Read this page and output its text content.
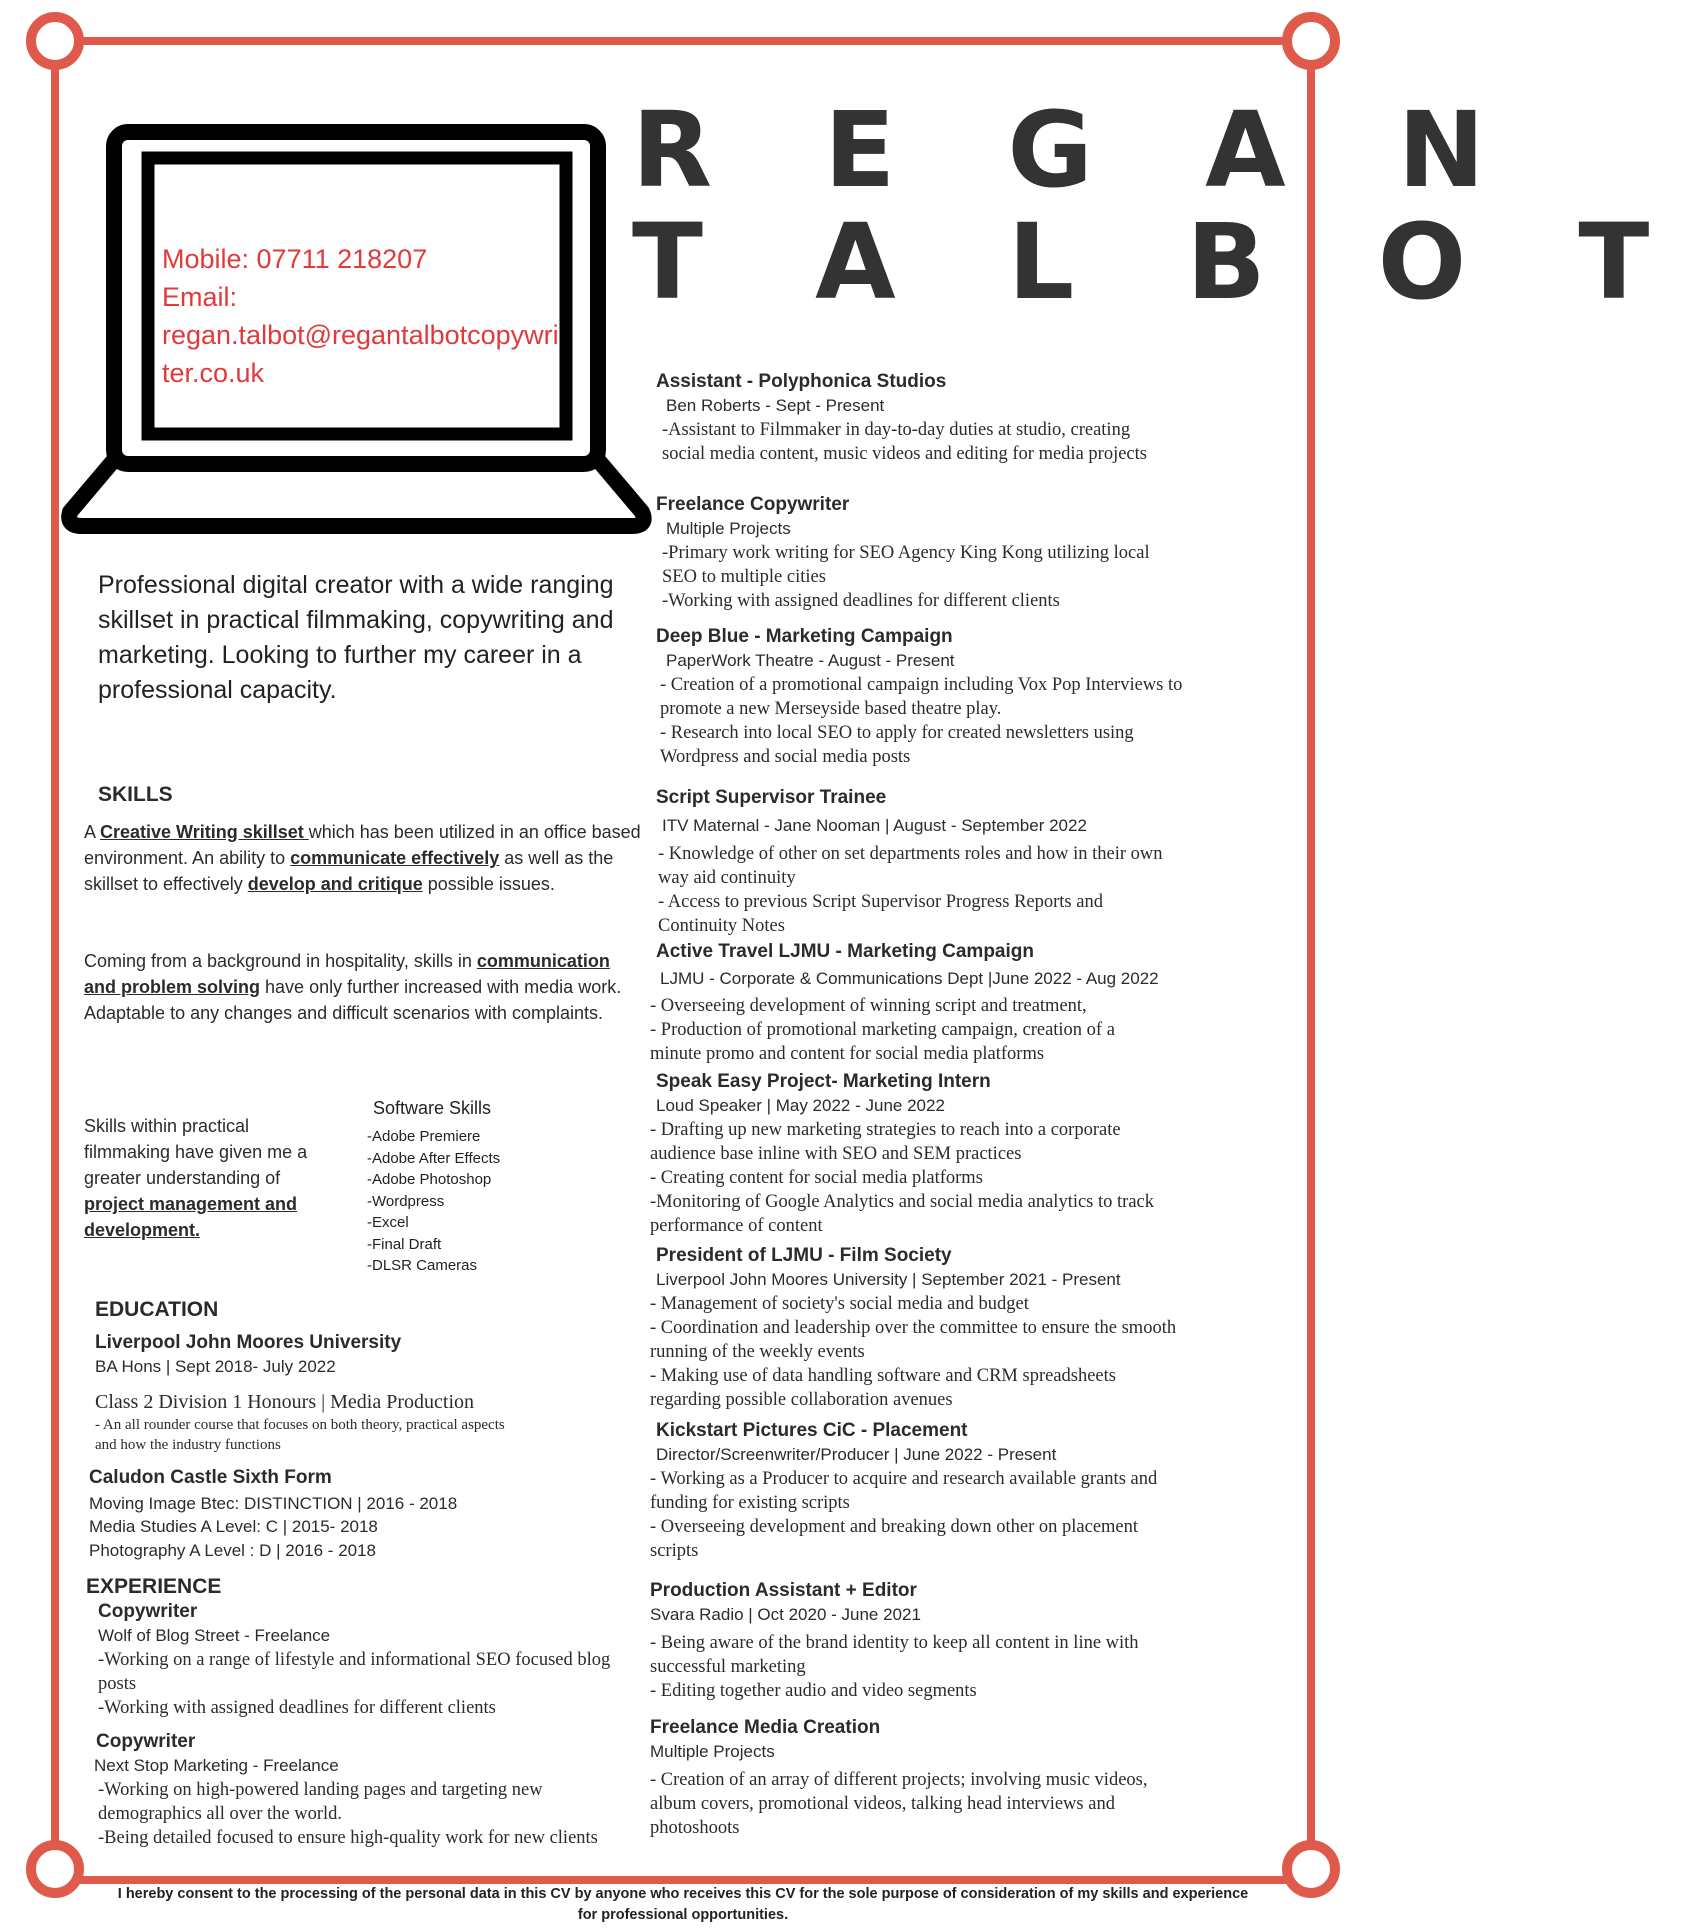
Mobile: 07711 218207
Email:
regan.talbot@regantalbotcopywriter.co.uk
R E G A N
T A L B O T
Professional digital creator with a wide ranging skillset in practical filmmaking, copywriting and marketing. Looking to further my career in a professional capacity.
SKILLS
A Creative Writing skillset which has been utilized in an office based environment. An ability to communicate effectively as well as the skillset to effectively develop and critique possible issues.
Coming from a background in hospitality, skills in communication and problem solving have only further increased with media work. Adaptable to any changes and difficult scenarios with complaints.
Skills within practical filmmaking have given me a greater understanding of project management and development.
Software Skills
-Adobe Premiere
-Adobe After Effects
-Adobe Photoshop
-Wordpress
-Excel
-Final Draft
-DLSR Cameras
EDUCATION
Liverpool John Moores University
BA Hons | Sept 2018- July 2022
Class 2 Division 1 Honours | Media Production
- An all rounder course that focuses on both theory, practical aspects
and how the industry functions
Caludon Castle Sixth Form
Moving Image Btec: DISTINCTION | 2016 - 2018
Media Studies A Level: C | 2015- 2018
Photography A Level : D | 2016 - 2018
EXPERIENCE
Copywriter
Wolf of Blog Street - Freelance
-Working on a range of lifestyle and informational SEO focused blog posts
-Working with assigned deadlines for different clients
Copywriter
Next Stop Marketing - Freelance
-Working on high-powered landing pages and targeting new demographics all over the world.
-Being detailed focused to ensure high-quality work for new clients
Assistant - Polyphonica Studios
Ben Roberts - Sept - Present
-Assistant to Filmmaker in day-to-day duties at studio, creating social media content, music videos and editing for media projects
Freelance Copywriter
Multiple Projects
-Primary work writing for SEO Agency King Kong utilizing local SEO to multiple cities
-Working with assigned deadlines for different clients
Deep Blue - Marketing Campaign
PaperWork Theatre - August - Present
- Creation of a promotional campaign including Vox Pop Interviews to promote a new Merseyside based theatre play.
- Research into local SEO to apply for created newsletters using Wordpress and social media posts
Script Supervisor Trainee
ITV Maternal - Jane Nooman | August - September 2022
- Knowledge of other on set departments roles and how in their own way aid continuity
- Access to previous Script Supervisor Progress Reports and Continuity Notes
Active Travel LJMU - Marketing Campaign
LJMU - Corporate & Communications Dept |June 2022 - Aug 2022
- Overseeing development of winning script and treatment,
- Production of promotional marketing campaign, creation of a minute promo and content for social media platforms
Speak Easy Project- Marketing Intern
Loud Speaker | May 2022 - June 2022
- Drafting up new marketing strategies to reach into a corporate audience base inline with SEO and SEM practices
- Creating content for social media platforms
-Monitoring of Google Analytics and social media analytics to track performance of content
President of LJMU - Film Society
Liverpool John Moores University | September 2021 - Present
- Management of society's social media and budget
- Coordination and leadership over the committee to ensure the smooth running of the weekly events
- Making use of data handling software and CRM spreadsheets regarding possible collaboration avenues
Kickstart Pictures CiC - Placement
Director/Screenwriter/Producer | June 2022 - Present
- Working as a Producer to acquire and research available grants and funding for existing scripts
- Overseeing development and breaking down other on placement scripts
Production Assistant + Editor
Svara Radio | Oct 2020 - June 2021
- Being aware of the brand identity to keep all content in line with successful marketing
- Editing together audio and video segments
Freelance Media Creation
Multiple Projects
- Creation of an array of different projects; involving music videos, album covers, promotional videos, talking head interviews and photoshoots
I hereby consent to the processing of the personal data in this CV by anyone who receives this CV for the sole purpose of consideration of my skills and experience for professional opportunities.
